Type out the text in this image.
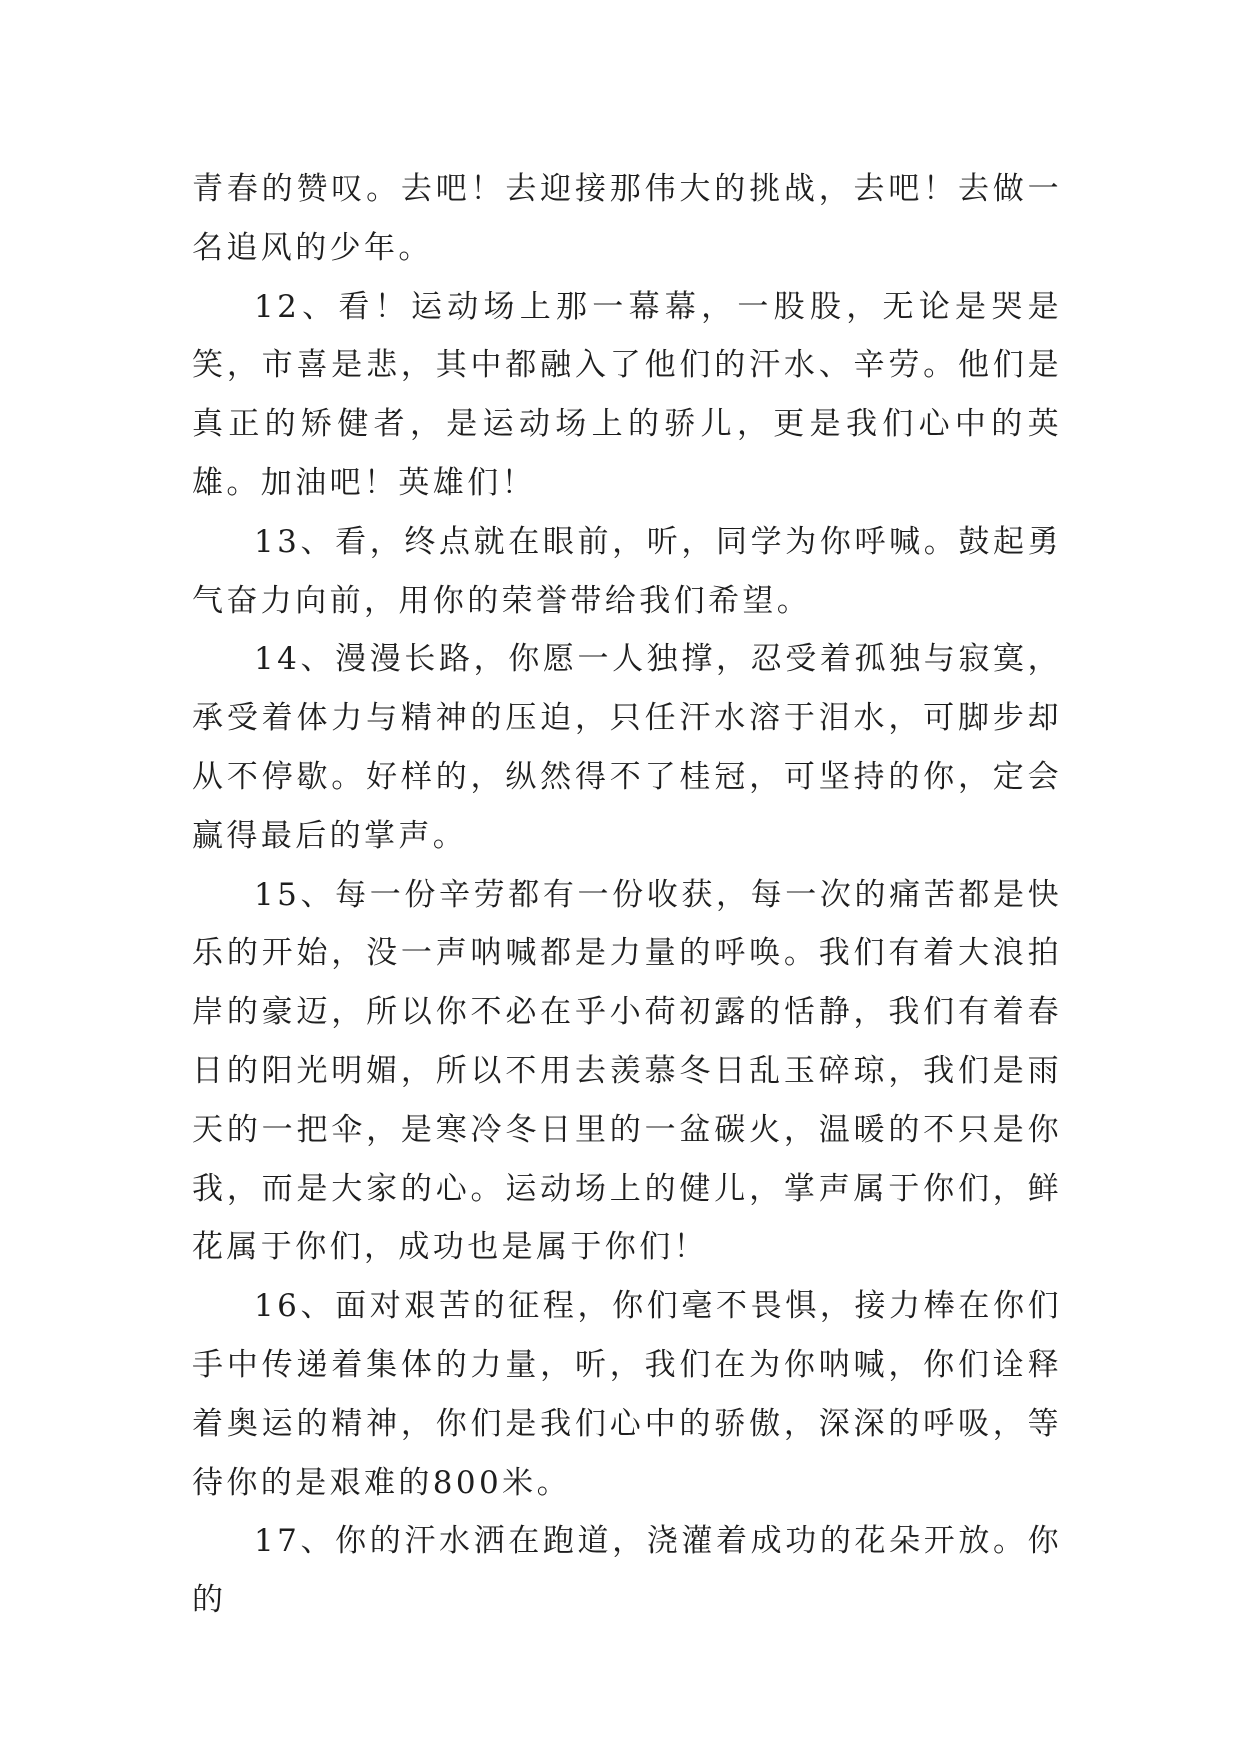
青春的赞叹。去吧！去迎接那伟大的挑战，去吧！去做一名追风的少年。

12、看！运动场上那一幕幕，一股股，无论是哭是笑，市喜是悲，其中都融入了他们的汗水、辛劳。他们是真正的矫健者，是运动场上的骄儿，更是我们心中的英雄。加油吧！英雄们！

13、看，终点就在眼前，听，同学为你呼喊。鼓起勇气奋力向前，用你的荣誉带给我们希望。

14、漫漫长路，你愿一人独撑，忍受着孤独与寂寞，承受着体力与精神的压迫，只任汗水溶于泪水，可脚步却从不停歇。好样的，纵然得不了桂冠，可坚持的你，定会赢得最后的掌声。

15、每一份辛劳都有一份收获，每一次的痛苦都是快乐的开始，没一声呐喊都是力量的呼唤。我们有着大浪拍岸的豪迈，所以你不必在乎小荷初露的恬静，我们有着春日的阳光明媚，所以不用去羡慕冬日乱玉碎琼，我们是雨天的一把伞，是寒冷冬日里的一盆碳火，温暖的不只是你我，而是大家的心。运动场上的健儿，掌声属于你们，鲜花属于你们，成功也是属于你们！

16、面对艰苦的征程，你们毫不畏惧，接力棒在你们手中传递着集体的力量，听，我们在为你呐喊，你们诠释着奥运的精神，你们是我们心中的骄傲，深深的呼吸，等待你的是艰难的800米。

17、你的汗水洒在跑道，浇灌着成功的花朵开放。你的
